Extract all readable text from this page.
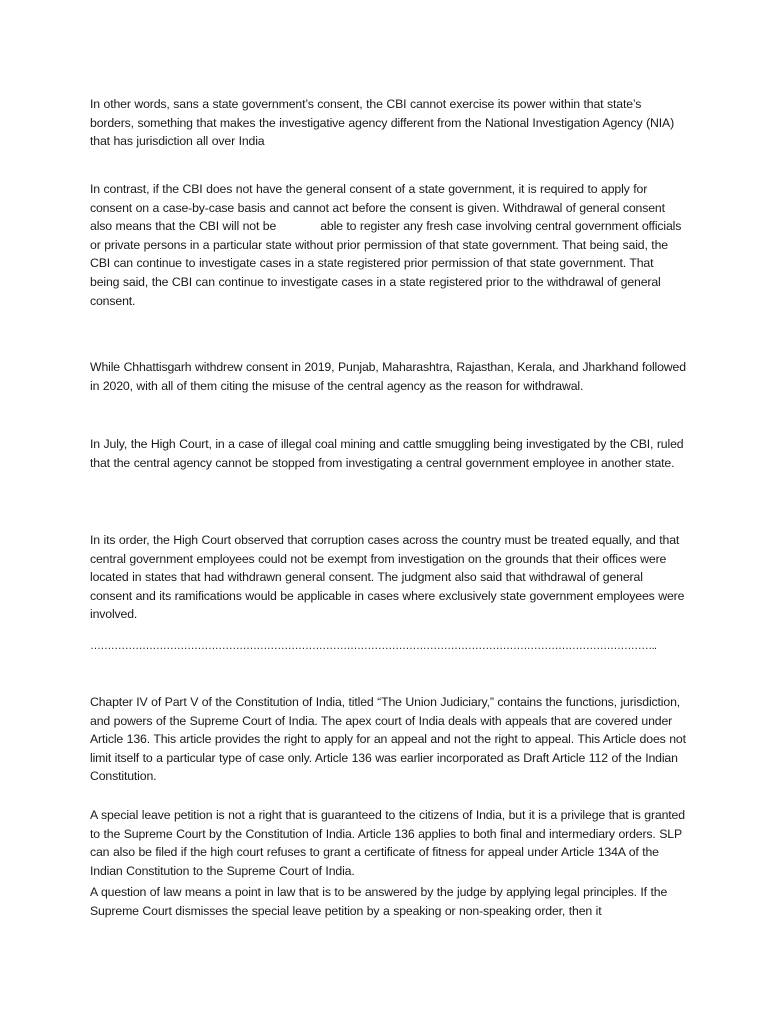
In other words, sans a state government’s consent, the CBI cannot exercise its power within that state’s borders, something that makes the investigative agency different from the National Investigation Agency (NIA) that has jurisdiction all over India

In contrast, if the CBI does not have the general consent of a state government, it is required to apply for consent on a case-by-case basis and cannot act before the consent is given. Withdrawal of general consent also means that the CBI will not be	able to register any fresh case involving central government officials or private persons in a particular state without prior permission of that state government. That being said, the CBI can continue to investigate cases in a state registered prior permission of that state government. That being said, the CBI can continue to investigate cases in a state registered prior to the withdrawal of general consent.

While Chhattisgarh withdrew consent in 2019, Punjab, Maharashtra, Rajasthan, Kerala, and Jharkhand followed in 2020, with all of them citing the misuse of the central agency as the reason for withdrawal.

In July, the High Court, in a case of illegal coal mining and cattle smuggling being investigated by the CBI, ruled that the central agency cannot be stopped from investigating a central government employee in another state.

In its order, the High Court observed that corruption cases across the country must be treated equally, and that central government employees could not be exempt from investigation on the grounds that their offices were located in states that had withdrawn general consent. The judgment also said that withdrawal of general consent and its ramifications would be applicable in cases where exclusively state government employees were involved.

………………………………………………………………………………………………………………………………………………..

Chapter IV of Part V of the Constitution of India, titled “The Union Judiciary,” contains the functions, jurisdiction, and powers of the Supreme Court of India. The apex court of India deals with appeals that are covered under Article 136. This article provides the right to apply for an appeal and not the right to appeal. This Article does not limit itself to a particular type of case only. Article 136 was earlier incorporated as Draft Article 112 of the Indian Constitution.

A special leave petition is not a right that is guaranteed to the citizens of India, but it is a privilege that is granted to the Supreme Court by the Constitution of India. Article 136 applies to both final and intermediary orders. SLP can also be filed if the high court refuses to grant a certificate of fitness for appeal under Article 134A of the Indian Constitution to the Supreme Court of India.

A question of law means a point in law that is to be answered by the judge by applying legal principles. If the Supreme Court dismisses the special leave petition by a speaking or non-speaking order, then it
